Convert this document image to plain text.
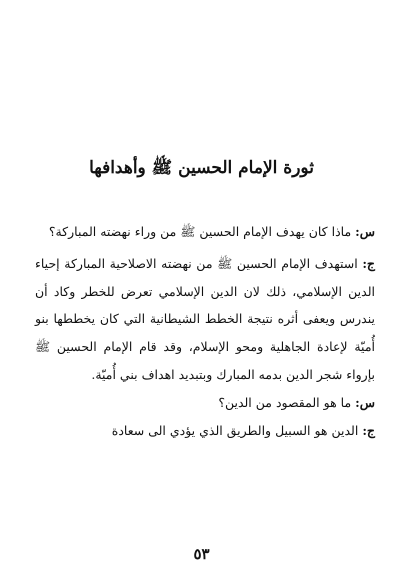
ثورة الإمام الحسين ﷺ وأهدافها

س: ماذا كان يهدف الإمام الحسين ﷺ من وراء نهضته المباركة؟

ج: استهدف الإمام الحسين ﷺ من نهضته الاصلاحية المباركة إحياء الدين الإسلامي، ذلك لان الدين الإسلامي تعرض للخطر وكاد أن يندرس ويعفى أثره نتيجة الخطط الشيطانية التي كان يخططها بنو أُميّة لإعادة الجاهلية ومحو الإسلام، وقد قام الإمام الحسين ﷺ بإرواء شجر الدين بدمه المبارك وبتبديد اهداف بني أُميّة.

س: ما هو المقصود من الدين؟

ج: الدين هو السبيل والطريق الذي يؤدي الى سعادة

٥٣
